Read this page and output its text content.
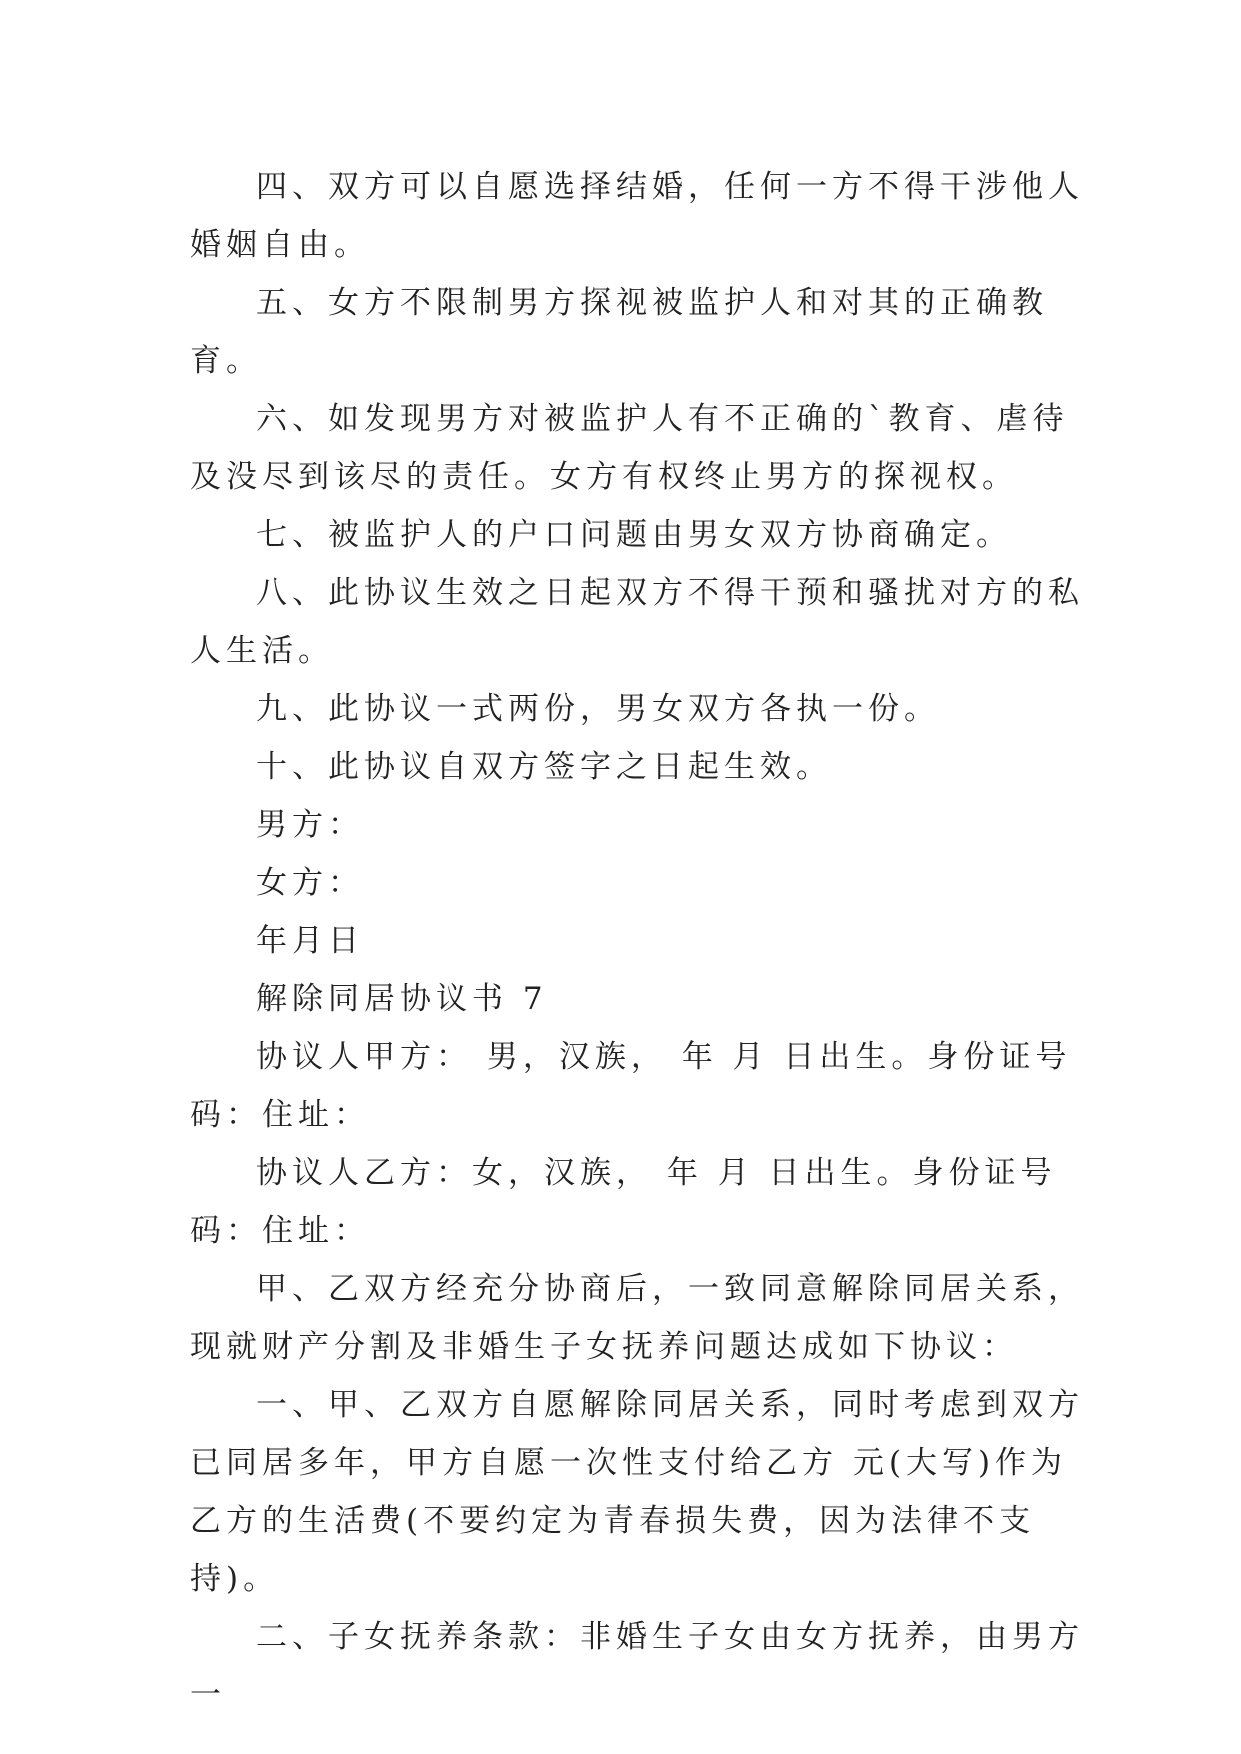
四、双方可以自愿选择结婚，任何一方不得干涉他人婚姻自由。

五、女方不限制男方探视被监护人和对其的正确教育。

六、如发现男方对被监护人有不正确的`教育、虐待及没尽到该尽的责任。女方有权终止男方的探视权。

七、被监护人的户口问题由男女双方协商确定。

八、此协议生效之日起双方不得干预和骚扰对方的私人生活。

九、此协议一式两份，男女双方各执一份。

十、此协议自双方签字之日起生效。

男方：

女方：

年月日

解除同居协议书 7

协议人甲方： 男，汉族， 年 月 日出生。身份证号码：住址：

协议人乙方：女，汉族， 年 月 日出生。身份证号码：住址：

甲、乙双方经充分协商后，一致同意解除同居关系，现就财产分割及非婚生子女抚养问题达成如下协议：

一、甲、乙双方自愿解除同居关系，同时考虑到双方已同居多年，甲方自愿一次性支付给乙方 元(大写)作为乙方的生活费(不要约定为青春损失费，因为法律不支持)。

二、子女抚养条款：非婚生子女由女方抚养，由男方一
